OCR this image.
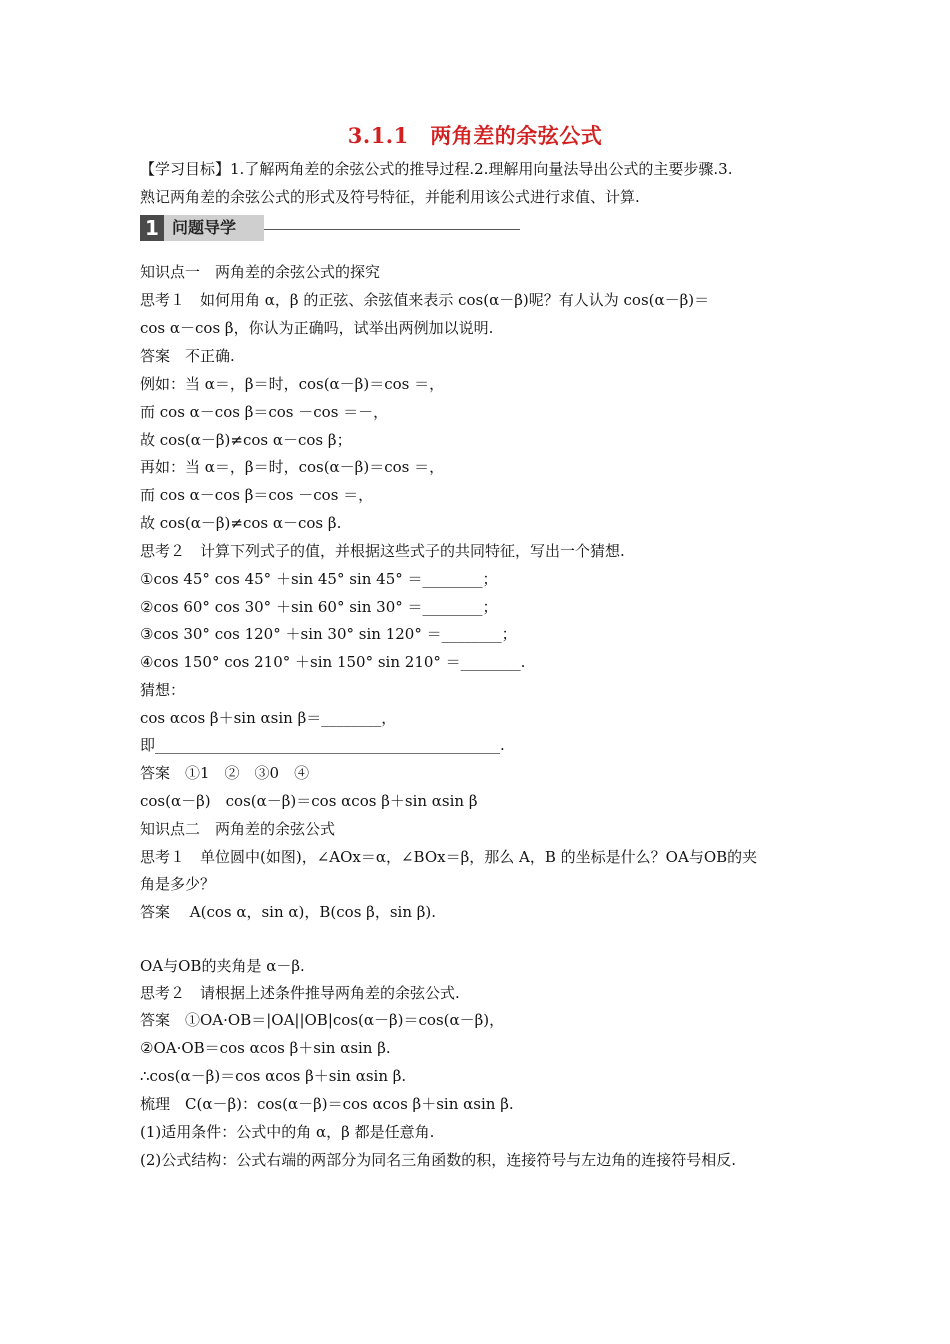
3.1.1　两角差的余弦公式
【学习目标】1.了解两角差的余弦公式的推导过程.2.理解用向量法导出公式的主要步骤.3.
熟记两角差的余弦公式的形式及符号特征，并能利用该公式进行求值、计算.
1 问题导学
知识点一　两角差的余弦公式的探究
思考１　如何用角 α，β 的正弦、余弦值来表示 cos(α－β)呢？有人认为 cos(α－β)＝
cos α－cos β，你认为正确吗，试举出两例加以说明.
答案　不正确.
例如：当 α＝，β＝时，cos(α－β)＝cos ＝，
而 cos α－cos β＝cos －cos ＝－，
故 cos(α－β)≠cos α－cos β；
再如：当 α＝，β＝时，cos(α－β)＝cos ＝，
而 cos α－cos β＝cos －cos ＝，
故 cos(α－β)≠cos α－cos β.
思考２　计算下列式子的值，并根据这些式子的共同特征，写出一个猜想.
①cos 45° cos 45° ＋sin 45° sin 45° ＝________；
②cos 60° cos 30° ＋sin 60° sin 30° ＝________；
③cos 30° cos 120° ＋sin 30° sin 120° ＝________；
④cos 150° cos 210° ＋sin 150° sin 210° ＝________.
猜想：
cos αcos β＋sin αsin β＝________，
即______________________________________________.
答案　①1　②　③0　④
cos(α－β)　cos(α－β)＝cos αcos β＋sin αsin β
知识点二　两角差的余弦公式
思考１　单位圆中(如图)，∠AOx＝α，∠BOx＝β，那么 A，B 的坐标是什么？OA与OB的夹
角是多少？
答案　 A(cos α，sin α)，B(cos β，sin β).
OA与OB的夹角是 α－β.
思考２　请根据上述条件推导两角差的余弦公式.
答案　①OA·OB＝|OA||OB|cos(α－β)＝cos(α－β)，
②OA·OB＝cos αcos β＋sin αsin β.
∴cos(α－β)＝cos αcos β＋sin αsin β.
梳理　C(α－β)：cos(α－β)＝cos αcos β＋sin αsin β.
(1)适用条件：公式中的角 α，β 都是任意角.
(2)公式结构：公式右端的两部分为同名三角函数的积，连接符号与左边角的连接符号相反.
